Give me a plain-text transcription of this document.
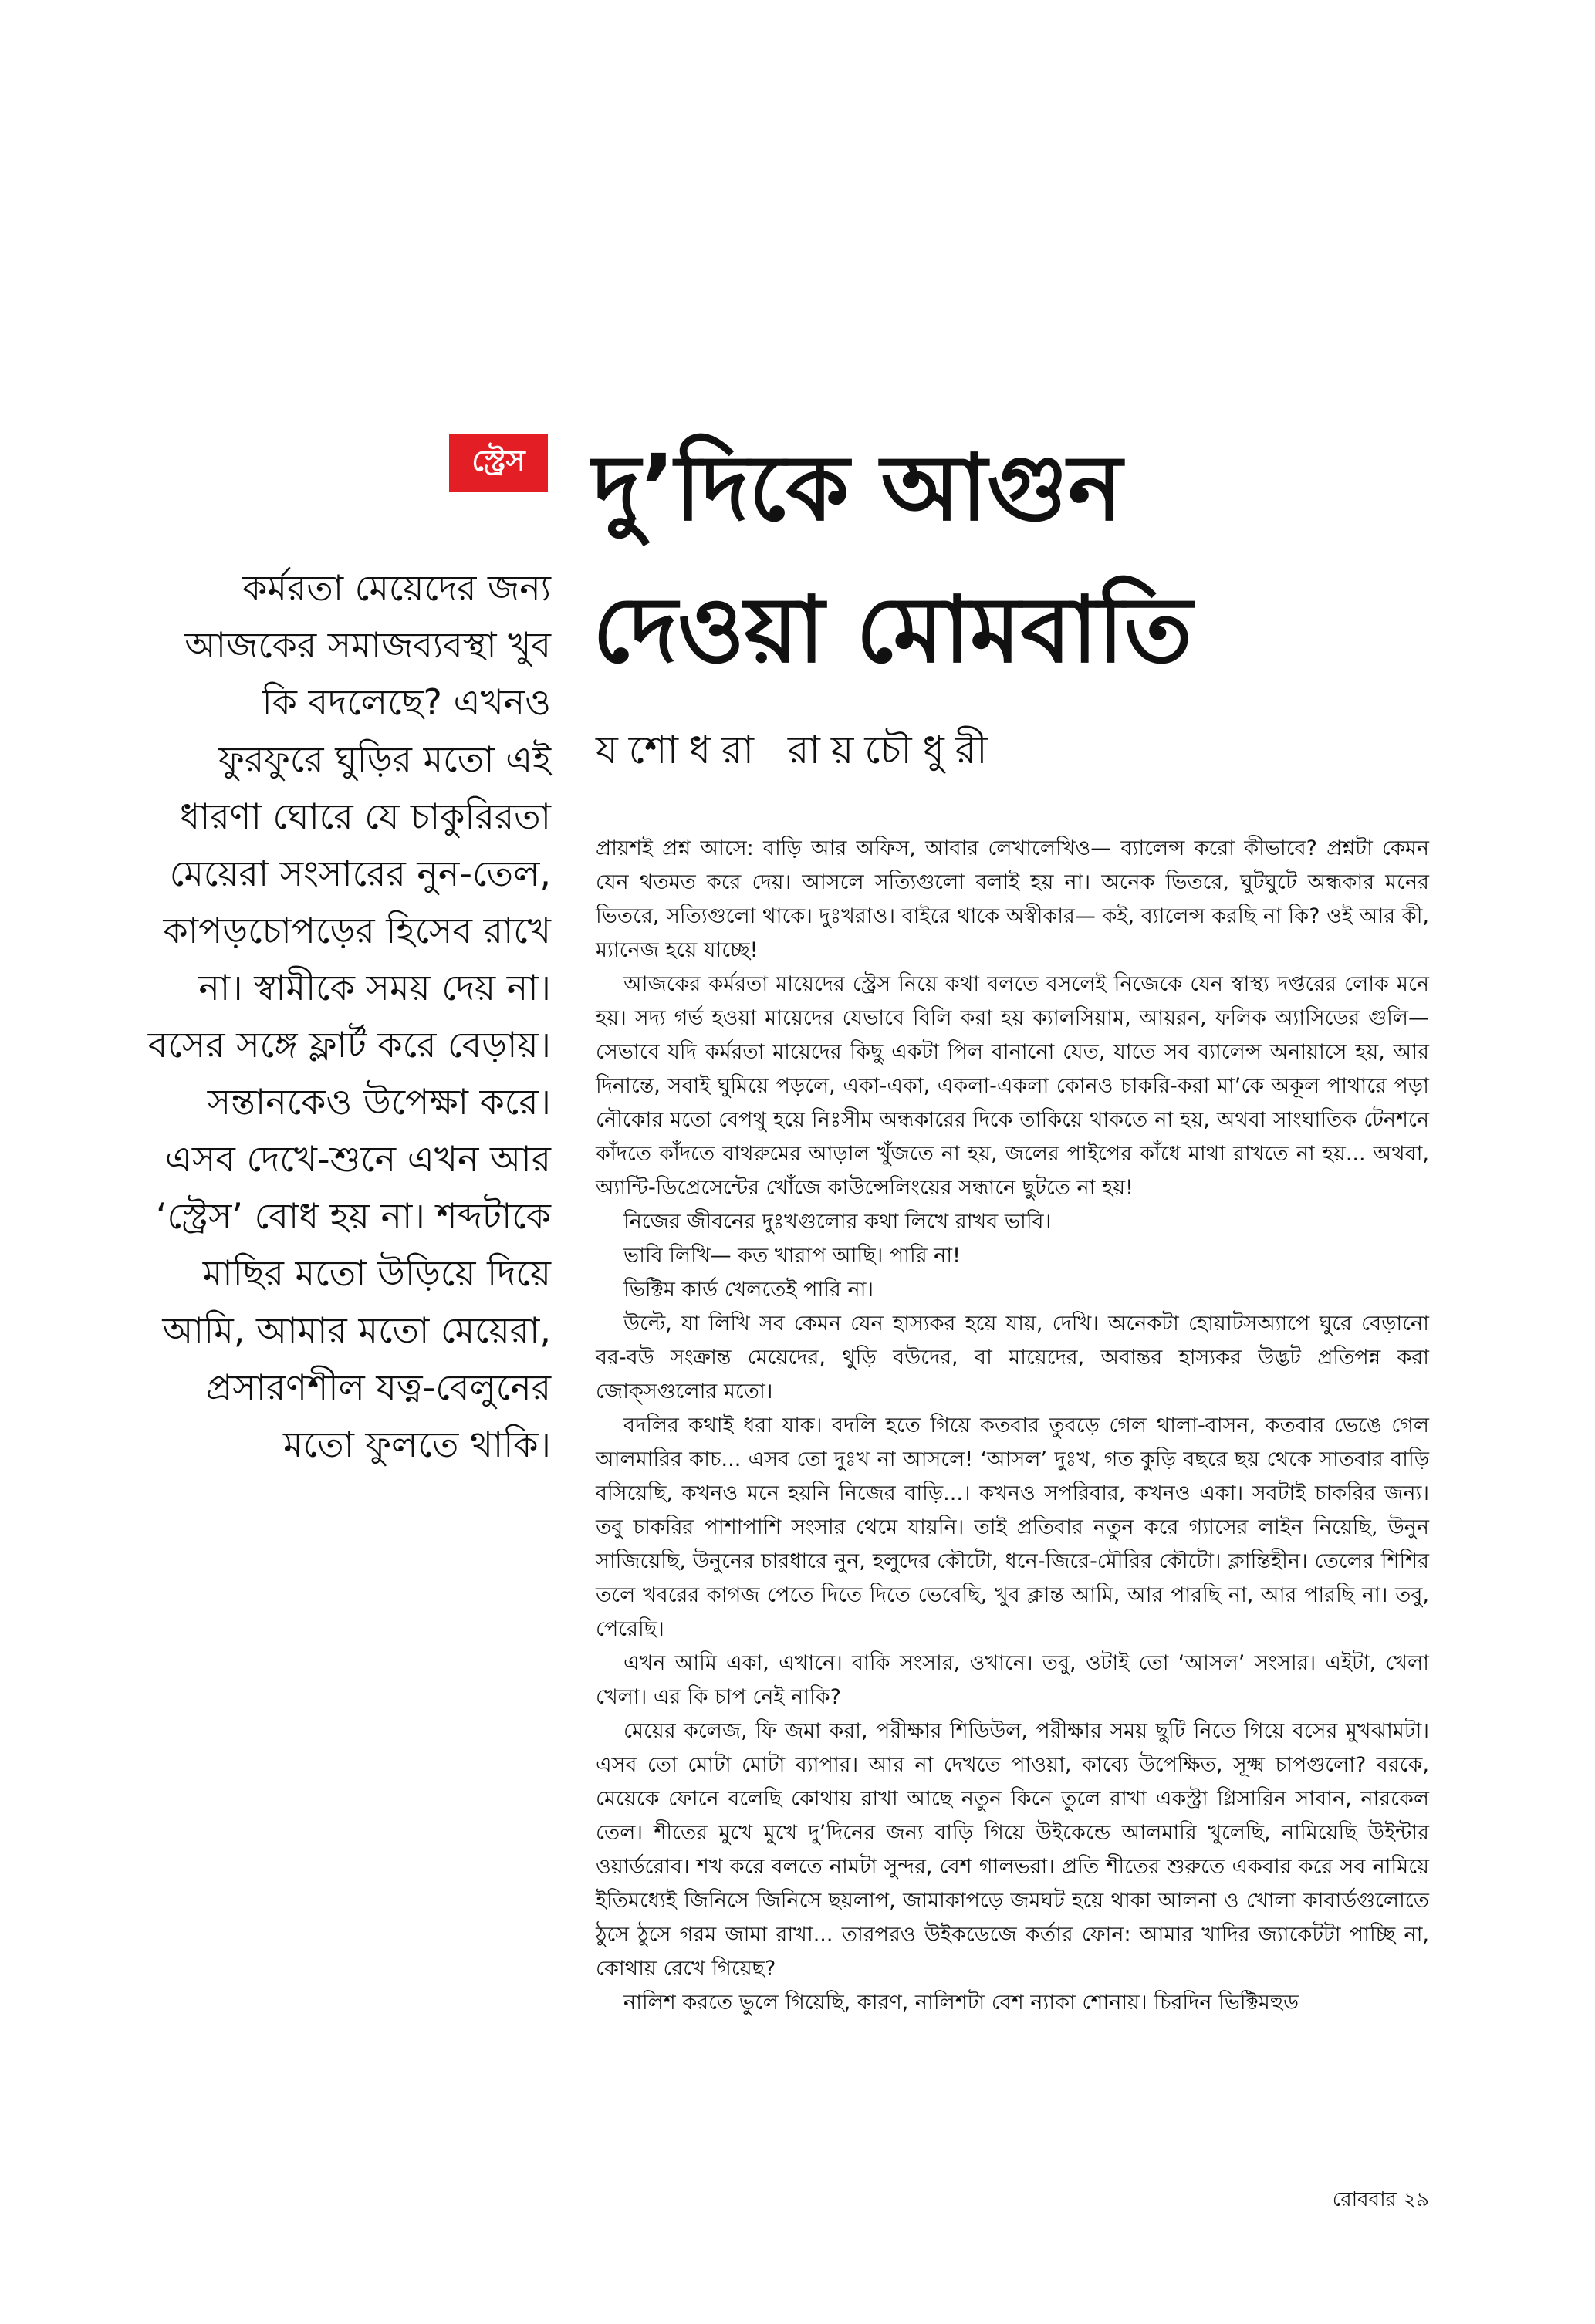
স্ট্রেস দু’দিকে আগুন
দেওয়া মোমবাতি
যশোধরা রায়চৌধুরী
কর্মরতা মেয়েদের জন্য আজকের সমাজব্যবস্থা খুব কি বদলেছে? এখনও ফুরফুরে ঘুড়ির মতো এই ধারণা ঘোরে যে চাকুরিরতা মেয়েরা সংসারের নুন-তেল, কাপড়চোপড়ের হিসেব রাখে না। স্বামীকে সময় দেয় না। বসের সঙ্গে ফ্লার্ট করে বেড়ায়। সন্তানকেও উপেক্ষা করে। এসব দেখে-শুনে এখন আর ‘স্ট্রেস’ বোধ হয় না। শব্দটাকে মাছির মতো উড়িয়ে দিয়ে আমি, আমার মতো মেয়েরা, প্রসারণশীল যত্ন-বেলুনের মতো ফুলতে থাকি।

প্রায়শই প্রশ্ন আসে: বাড়ি আর অফিস, আবার লেখালেখিও— ব্যালেন্স করো কীভাবে? প্রশ্নটা কেমন যেন থতমত করে দেয়। আসলে সত্যিগুলো বলাই হয় না। অনেক ভিতরে, ঘুটঘুটে অন্ধকার মনের ভিতরে, সত্যিগুলো থাকে। দুঃখরাও। বাইরে থাকে অস্বীকার— কই, ব্যালেন্স করছি না কি? ওই আর কী, ম্যানেজ হয়ে যাচ্ছে!

আজকের কর্মরতা মায়েদের স্ট্রেস নিয়ে কথা বলতে বসলেই নিজেকে যেন স্বাস্থ্য দপ্তরের লোক মনে হয়। সদ্য গর্ভ হওয়া মায়েদের যেভাবে বিলি করা হয় ক্যালসিয়াম, আয়রন, ফলিক অ্যাসিডের গুলি— সেভাবে যদি কর্মরতা মায়েদের কিছু একটা পিল বানানো যেত, যাতে সব ব্যালেন্স অনায়াসে হয়, আর দিনান্তে, সবাই ঘুমিয়ে পড়লে, একা-একা, একলা-একলা কোনও চাকরি-করা মা’কে অকূল পাথারে পড়া নৌকোর মতো বেপথু হয়ে নিঃসীম অন্ধকারের দিকে তাকিয়ে থাকতে না হয়, অথবা সাংঘাতিক টেনশনে কাঁদতে কাঁদতে বাথরুমের আড়াল খুঁজতে না হয়, জলের পাইপের কাঁধে মাথা রাখতে না হয়... অথবা, অ্যান্টি-ডিপ্রেসেন্টের খোঁজে কাউন্সেলিংয়ের সন্ধানে ছুটতে না হয়!

নিজের জীবনের দুঃখগুলোর কথা লিখে রাখব ভাবি।

ভাবি লিখি— কত খারাপ আছি। পারি না!

ভিক্টিম কার্ড খেলতেই পারি না।

উল্টে, যা লিখি সব কেমন যেন হাস্যকর হয়ে যায়, দেখি। অনেকটা হোয়াটসঅ্যাপে ঘুরে বেড়ানো বর-বউ সংক্রান্ত মেয়েদের, থুড়ি বউদের, বা মায়েদের, অবান্তর হাস্যকর উদ্ভট প্রতিপন্ন করা জোক্‌সগুলোর মতো।

বদলির কথাই ধরা যাক। বদলি হতে গিয়ে কতবার তুবড়ে গেল থালা-বাসন, কতবার ভেঙে গেল আলমারির কাচ... এসব তো দুঃখ না আসলে! ‘আসল’ দুঃখ, গত কুড়ি বছরে ছয় থেকে সাতবার বাড়ি বসিয়েছি, কখনও মনে হয়নি নিজের বাড়ি...। কখনও সপরিবার, কখনও একা। সবটাই চাকরির জন্য। তবু চাকরির পাশাপাশি সংসার থেমে যায়নি। তাই প্রতিবার নতুন করে গ্যাসের লাইন নিয়েছি, উনুন সাজিয়েছি, উনুনের চারধারে নুন, হলুদের কৌটো, ধনে-জিরে-মৌরির কৌটো। ক্লান্তিহীন। তেলের শিশির তলে খবরের কাগজ পেতে দিতে দিতে ভেবেছি, খুব ক্লান্ত আমি, আর পারছি না, আর পারছি না। তবু, পেরেছি।

এখন আমি একা, এখানে। বাকি সংসার, ওখানে। তবু, ওটাই তো ‘আসল’ সংসার। এইটা, খেলা খেলা। এর কি চাপ নেই নাকি?

মেয়ের কলেজ, ফি জমা করা, পরীক্ষার শিডিউল, পরীক্ষার সময় ছুটি নিতে গিয়ে বসের মুখঝামটা। এসব তো মোটা মোটা ব্যাপার। আর না দেখতে পাওয়া, কাব্যে উপেক্ষিত, সূক্ষ্ম চাপগুলো? বরকে, মেয়েকে ফোনে বলেছি কোথায় রাখা আছে নতুন কিনে তুলে রাখা একস্ট্রা গ্লিসারিন সাবান, নারকেল তেল। শীতের মুখে মুখে দু’দিনের জন্য বাড়ি গিয়ে উইকেন্ডে আলমারি খুলেছি, নামিয়েছি উইন্টার ওয়ার্ডরোব। শখ করে বলতে নামটা সুন্দর, বেশ গালভরা। প্রতি শীতের শুরুতে একবার করে সব নামিয়ে ইতিমধ্যেই জিনিসে জিনিসে ছয়লাপ, জামাকাপড়ে জমঘট হয়ে থাকা আলনা ও খোলা কাবার্ডগুলোতে ঠুসে ঠুসে গরম জামা রাখা... তারপরও উইকডেজে কর্তার ফোন: আমার খাদির জ্যাকেটটা পাচ্ছি না, কোথায় রেখে গিয়েছ?

নালিশ করতে ভুলে গিয়েছি, কারণ, নালিশটা বেশ ন্যাকা শোনায়। চিরদিন ভিক্টিমহুড

রোববার ২৯
